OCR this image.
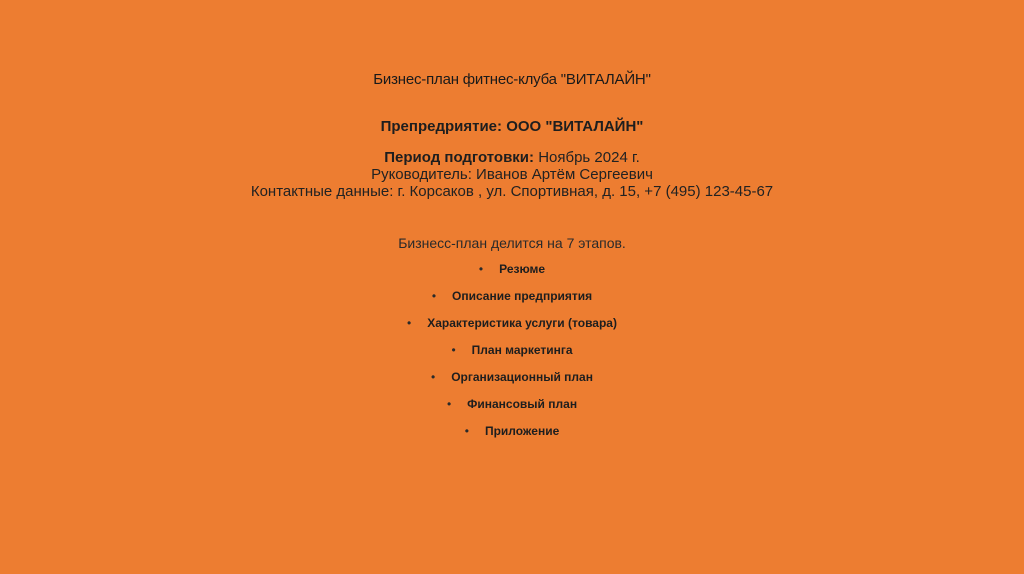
Бизнес-план фитнес-клуба "ВИТАЛАЙН"
Препредриятие: ООО "ВИТАЛАЙН"
Период подготовки: Ноябрь 2024 г.
Руководитель: Иванов Артём Сергеевич
Контактные данные: г. Корсаков , ул. Спортивная, д. 15, +7 (495) 123-45-67
Бизнесс-план делится на 7 этапов.
• Резюме
• Описание предприятия
• Характеристика услуги (товара)
• План маркетинга
• Организационный план
• Финансовый план
• Приложение
